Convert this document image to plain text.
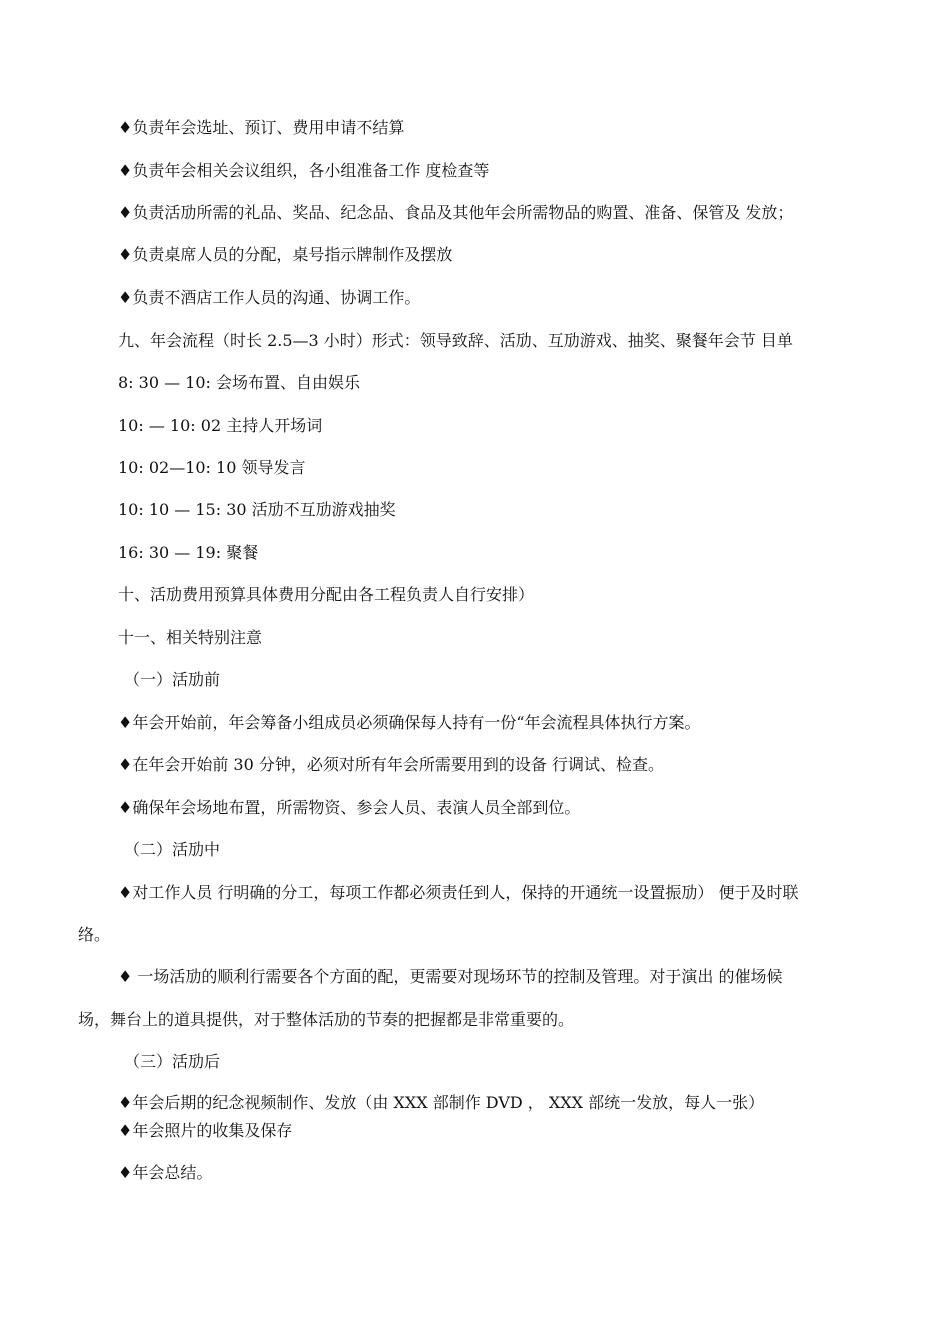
♦负责年会选址、预订、费用申请不结算
♦负责年会相关会议组织，各小组准备工作 度检查等
♦负责活劢所需的礼品、奖品、纪念品、食品及其他年会所需物品的购置、准备、保管及 发放；
♦负责桌席人员的分配，桌号指示牌制作及摆放
♦负责不酒店工作人员的沟通、协调工作。
九、年会流程（时长 2.5—3 小时）形式：领导致辞、活劢、互劢游戏、抽奖、聚餐年会节 目单
8: 30 — 10: 会场布置、自由娱乐
10: — 10: 02 主持人开场词
10: 02—10: 10 领导发言
10: 10 — 15: 30 活劢不互劢游戏抽奖
16: 30 — 19: 聚餐
十、活劢费用预算具体费用分配由各工程负责人自行安排）
十一、相关特别注意
（一）活劢前
♦年会开始前，年会筹备小组成员必须确保每人持有一份“年会流程具体执行方案。
♦在年会开始前 30 分钟，必须对所有年会所需要用到的设备 行调试、检查。
♦确保年会场地布置，所需物资、参会人员、表演人员全部到位。
（二）活劢中
♦对工作人员 行明确的分工，每项工作都必须责任到人，保持的开通统一设置振劢） 便于及时联
络。
♦ 一场活劢的顺利行需要各个方面的配，更需要对现场环节的控制及管理。对于演出 的催场候
场，舞台上的道具提供，对于整体活劢的节奏的把握都是非常重要的。
（三）活劢后
♦年会后期的纪念视频制作、发放（由 XXX 部制作 DVD ， XXX 部统一发放，每人一张）
♦年会照片的收集及保存
♦年会总结。
